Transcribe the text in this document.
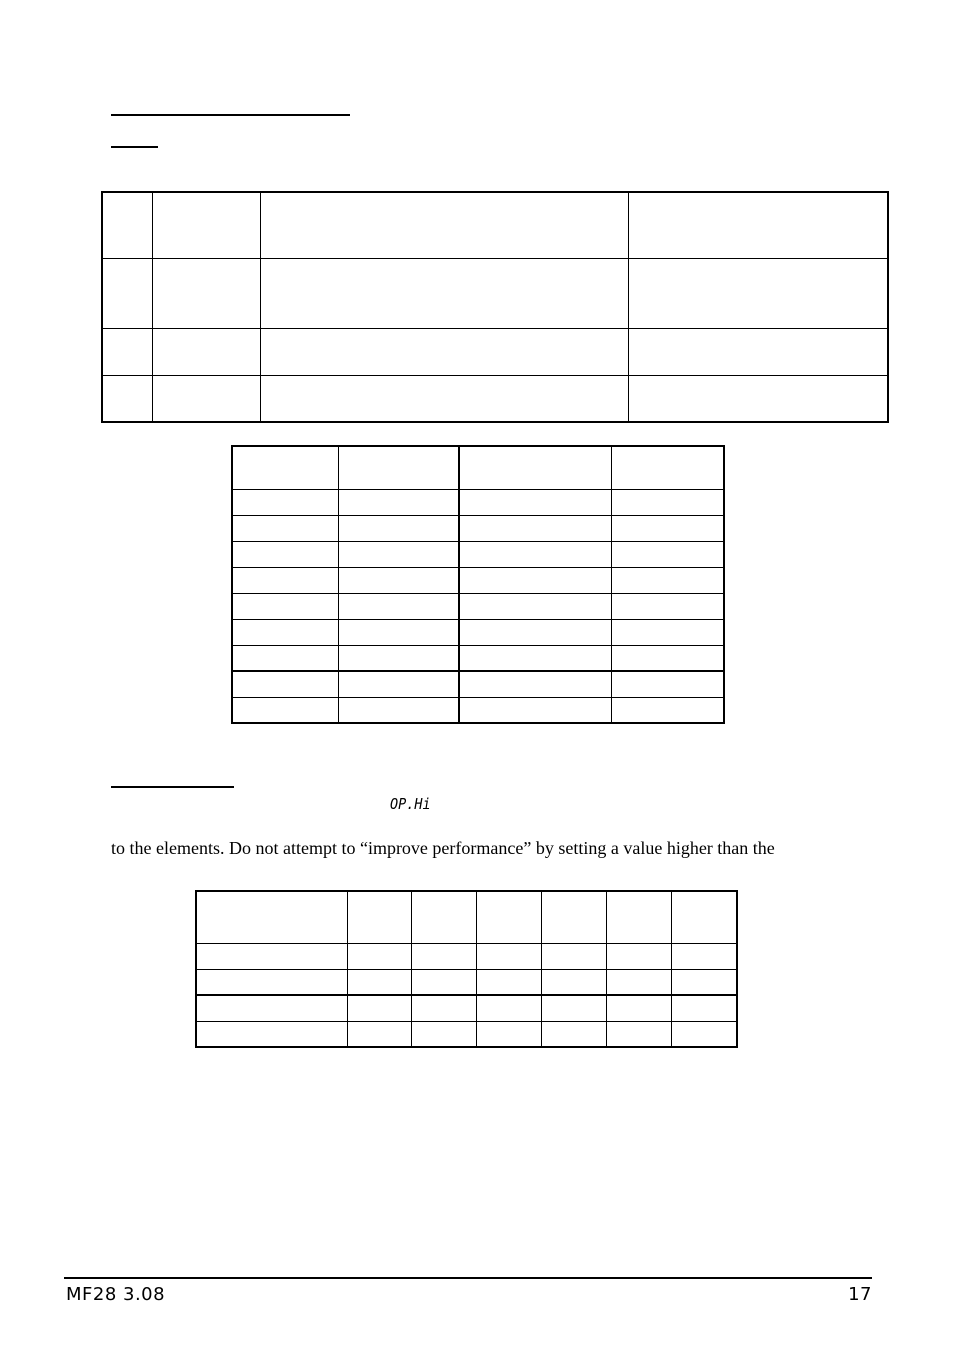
OP.Hi
to the elements. Do not attempt to “improve performance” by setting a value higher than the

MF28 3.08	17
